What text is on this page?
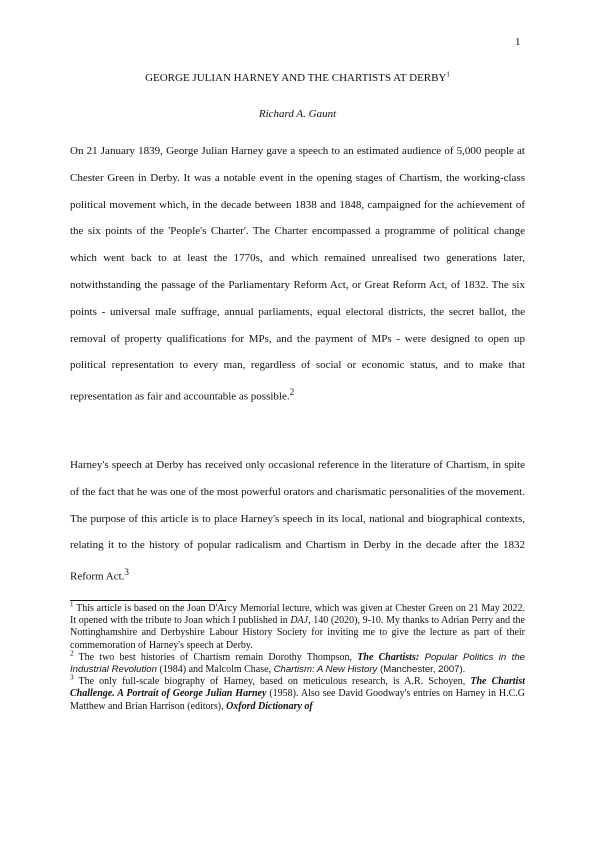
1
GEORGE JULIAN HARNEY AND THE CHARTISTS AT DERBY$^1$
Richard A. Gaunt
On 21 January 1839, George Julian Harney gave a speech to an estimated audience of 5,000 people at Chester Green in Derby. It was a notable event in the opening stages of Chartism, the working-class political movement which, in the decade between 1838 and 1848, campaigned for the achievement of the six points of the 'People's Charter'. The Charter encompassed a programme of political change which went back to at least the 1770s, and which remained unrealised two generations later, notwithstanding the passage of the Parliamentary Reform Act, or Great Reform Act, of 1832. The six points - universal male suffrage, annual parliaments, equal electoral districts, the secret ballot, the removal of property qualifications for MPs, and the payment of MPs - were designed to open up political representation to every man, regardless of social or economic status, and to make that representation as fair and accountable as possible.$^2$
Harney's speech at Derby has received only occasional reference in the literature of Chartism, in spite of the fact that he was one of the most powerful orators and charismatic personalities of the movement. The purpose of this article is to place Harney's speech in its local, national and biographical contexts, relating it to the history of popular radicalism and Chartism in Derby in the decade after the 1832 Reform Act.$^3$

$^1$ This article is based on the Joan D'Arcy Memorial lecture, which was given at Chester Green on 21 May 2022. It opened with the tribute to Joan which I published in DAJ, 140 (2020), 9-10. My thanks to Adrian Perry and the Nottinghamshire and Derbyshire Labour History Society for inviting me to give the lecture as part of their commemoration of Harney's speech at Derby.

$^2$ The two best histories of Chartism remain Dorothy Thompson, The Chartists: Popular Politics in the Industrial Revolution (1984) and Malcolm Chase, Chartism: A New History (Manchester, 2007).

$^3$ The only full-scale biography of Harney, based on meticulous research, is A.R. Schoyen, The Chartist Challenge. A Portrait of George Julian Harney (1958). Also see David Goodway's entries on Harney in H.C.G Matthew and Brian Harrison (editors), Oxford Dictionary of
